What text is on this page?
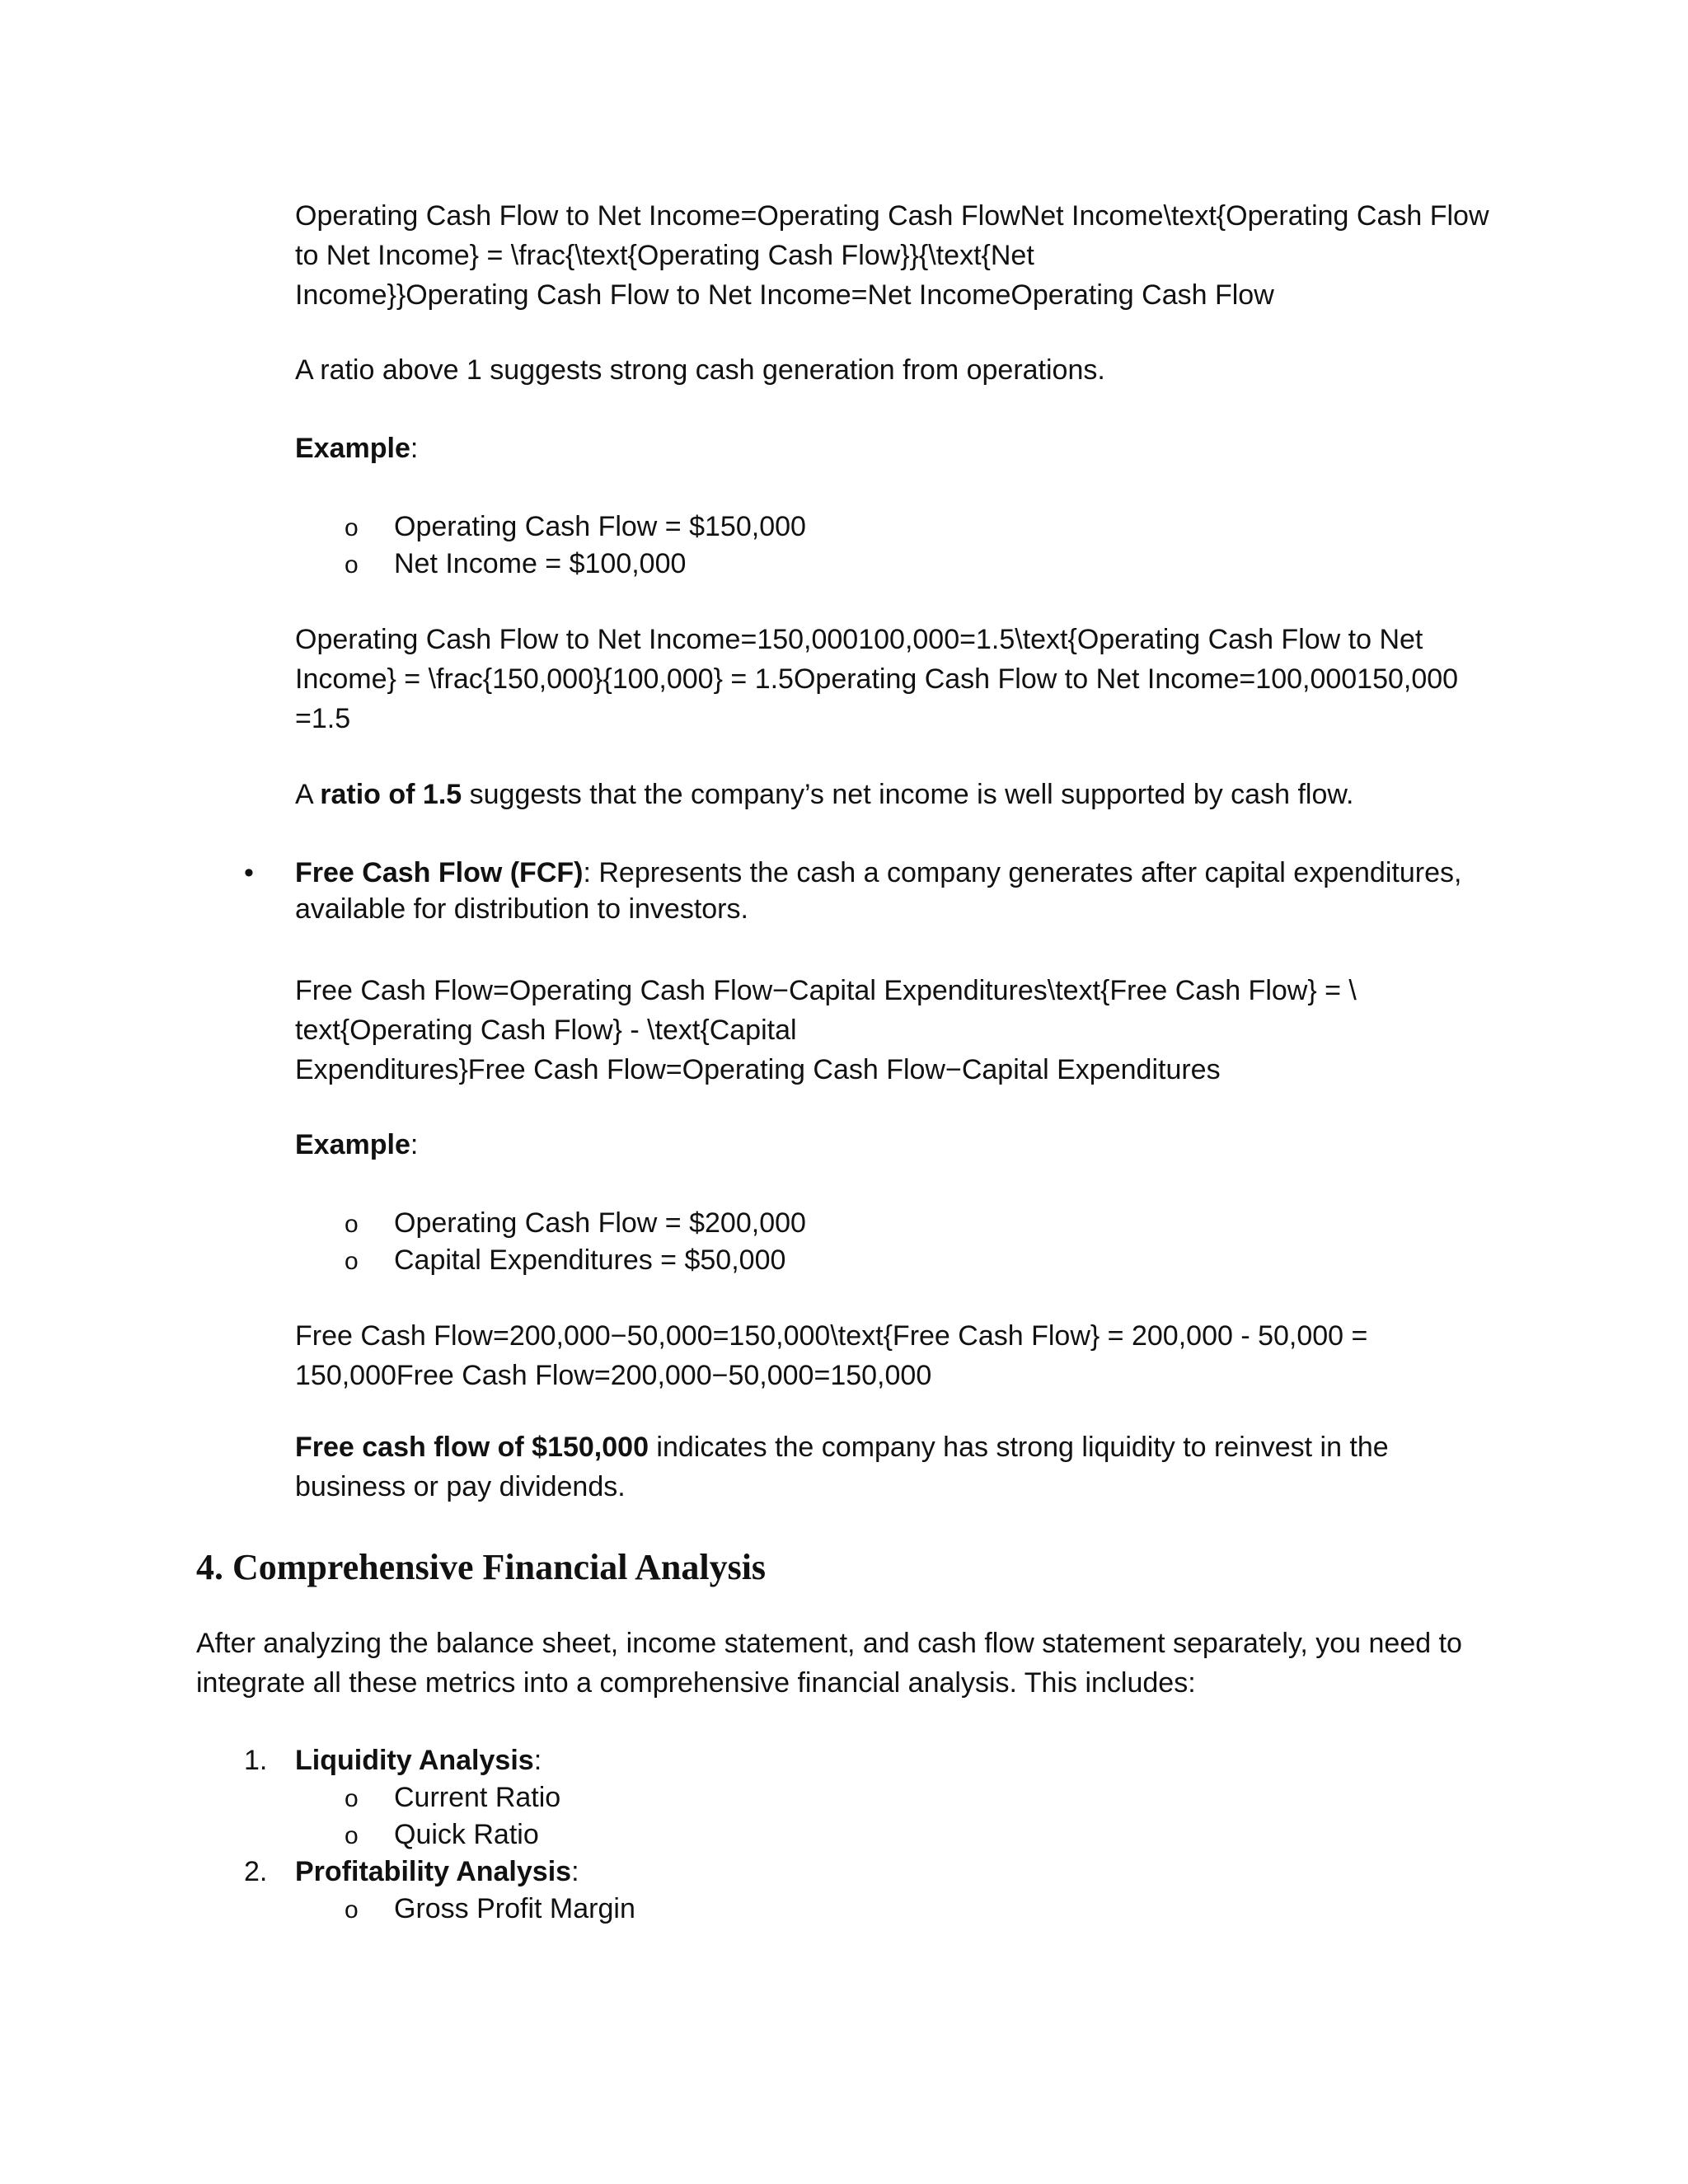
Operating Cash Flow to Net Income=Operating Cash FlowNet Income\text{Operating Cash Flow
to Net Income} = \frac{\text{Operating Cash Flow}}{\text{Net
Income}}Operating Cash Flow to Net Income=Net IncomeOperating Cash Flow

A ratio above 1 suggests strong cash generation from operations.

Example:

o Operating Cash Flow = $150,000
o Net Income = $100,000

Operating Cash Flow to Net Income=150,000100,000=1.5\text{Operating Cash Flow to Net
Income} = \frac{150,000}{100,000} = 1.5Operating Cash Flow to Net Income=100,000150,000
=1.5

A ratio of 1.5 suggests that the company’s net income is well supported by cash flow.

• Free Cash Flow (FCF): Represents the cash a company generates after capital expenditures,
available for distribution to investors.

Free Cash Flow=Operating Cash Flow−Capital Expenditures\text{Free Cash Flow} = \
text{Operating Cash Flow} - \text{Capital
Expenditures}Free Cash Flow=Operating Cash Flow−Capital Expenditures

Example:

o Operating Cash Flow = $200,000
o Capital Expenditures = $50,000

Free Cash Flow=200,000−50,000=150,000\text{Free Cash Flow} = 200,000 - 50,000 =
150,000Free Cash Flow=200,000−50,000=150,000

Free cash flow of $150,000 indicates the company has strong liquidity to reinvest in the
business or pay dividends.

4. Comprehensive Financial Analysis

After analyzing the balance sheet, income statement, and cash flow statement separately, you need to
integrate all these metrics into a comprehensive financial analysis. This includes:

1. Liquidity Analysis:

o Current Ratio
o Quick Ratio
2. Profitability Analysis:

o Gross Profit Margin
